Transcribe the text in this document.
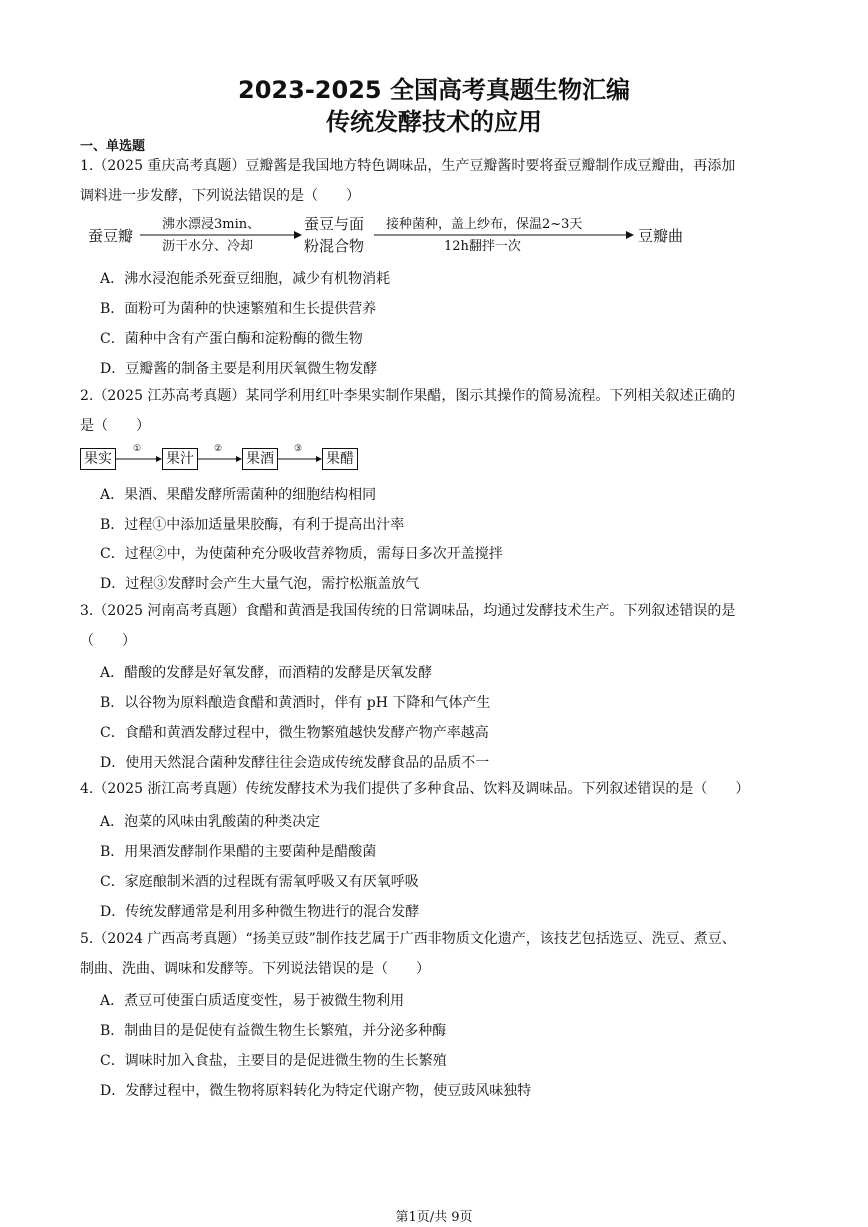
2023-2025 全国高考真题生物汇编
传统发酵技术的应用
一、单选题
1.（2025 重庆高考真题）豆瓣酱是我国地方特色调味品，生产豆瓣酱时要将蚕豆瓣制作成豆瓣曲，再添加
调料进一步发酵，下列说法错误的是（　　）
蚕豆瓣
沸水漂浸3min、
沥干水分、冷却
蚕豆与面
粉混合物
接种菌种，盖上纱布，保温2~3天
12h翻拌一次
豆瓣曲
A．沸水浸泡能杀死蚕豆细胞，减少有机物消耗
B．面粉可为菌种的快速繁殖和生长提供营养
C．菌种中含有产蛋白酶和淀粉酶的微生物
D．豆瓣酱的制备主要是利用厌氧微生物发酵
2.（2025 江苏高考真题）某同学利用红叶李果实制作果醋，图示其操作的简易流程。下列相关叙述正确的
是（　　）
果实	果汁	果酒	果醋
①	②	③
A．果酒、果醋发酵所需菌种的细胞结构相同
B．过程①中添加适量果胶酶，有利于提高出汁率
C．过程②中，为使菌种充分吸收营养物质，需每日多次开盖搅拌
D．过程③发酵时会产生大量气泡，需拧松瓶盖放气
3.（2025 河南高考真题）食醋和黄酒是我国传统的日常调味品，均通过发酵技术生产。下列叙述错误的是
（　　）
A．醋酸的发酵是好氧发酵，而酒精的发酵是厌氧发酵
B．以谷物为原料酿造食醋和黄酒时，伴有 pH 下降和气体产生
C．食醋和黄酒发酵过程中，微生物繁殖越快发酵产物产率越高
D．使用天然混合菌种发酵往往会造成传统发酵食品的品质不一
4.（2025 浙江高考真题）传统发酵技术为我们提供了多种食品、饮料及调味品。下列叙述错误的是（　　）
A．泡菜的风味由乳酸菌的种类决定
B．用果酒发酵制作果醋的主要菌种是醋酸菌
C．家庭酿制米酒的过程既有需氧呼吸又有厌氧呼吸
D．传统发酵通常是利用多种微生物进行的混合发酵
5.（2024 广西高考真题）“扬美豆豉”制作技艺属于广西非物质文化遗产，该技艺包括选豆、洗豆、煮豆、
制曲、洗曲、调味和发酵等。下列说法错误的是（　　）
A．煮豆可使蛋白质适度变性，易于被微生物利用
B．制曲目的是促使有益微生物生长繁殖，并分泌多种酶
C．调味时加入食盐，主要目的是促进微生物的生长繁殖
D．发酵过程中，微生物将原料转化为特定代谢产物，使豆豉风味独特
第1页/共 9页
